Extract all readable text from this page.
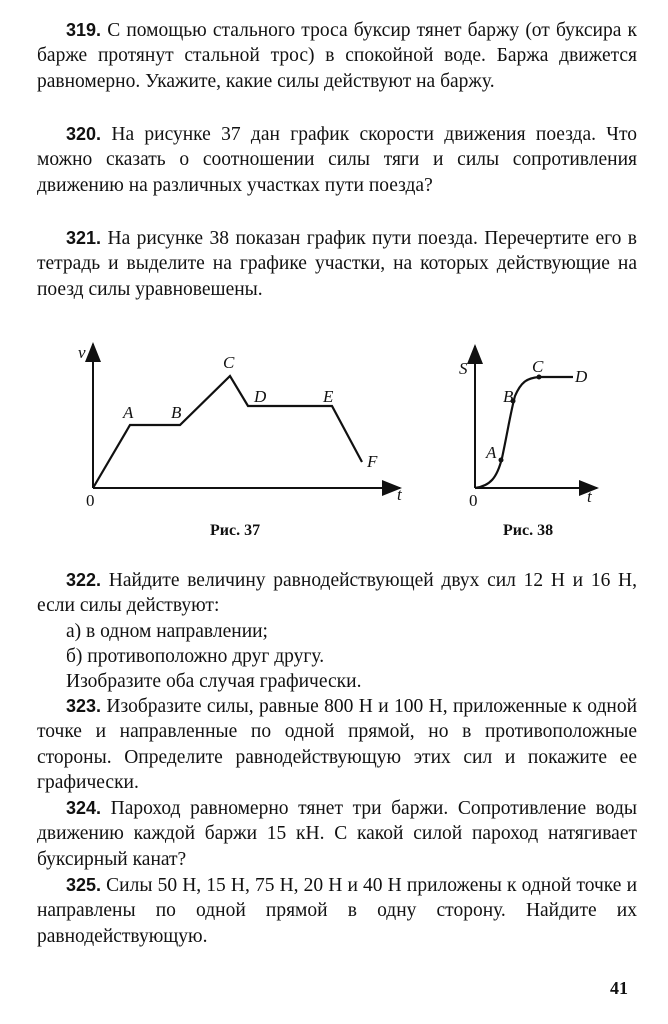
319. С помощью стального троса буксир тянет баржу (от буксира к барже протянут стальной трос) в спокойной воде. Баржа движется равномерно. Укажите, какие силы действуют на баржу.
320. На рисунке 37 дан график скорости движения поезда. Что можно сказать о соотношении силы тяги и силы сопротивления движению на различных участках пути поезда?
321. На рисунке 38 показан график пути поезда. Перечертите его в тетрадь и выделите на графике участки, на которых действующие на поезд силы уравновешены.
v
t
0
A B
C
D	E
F
Рис. 37
S
t
0
A
B
C
D
Рис. 38
322. Найдите величину равнодействующей двух сил 12 Н и 16 Н, если силы действуют:
а) в одном направлении;
б) противоположно друг другу.
Изобразите оба случая графически.
323. Изобразите силы, равные 800 Н и 100 Н, приложенные к одной точке и направленные по одной прямой, но в противоположные стороны. Определите равнодействующую этих сил и покажите ее графически.
324. Пароход равномерно тянет три баржи. Сопротивление воды движению каждой баржи 15 кН. С какой силой пароход натягивает буксирный канат?
325. Силы 50 Н, 15 Н, 75 Н, 20 Н и 40 Н приложены к одной точке и направлены по одной прямой в одну сторону. Найдите их равнодействующую.
41
